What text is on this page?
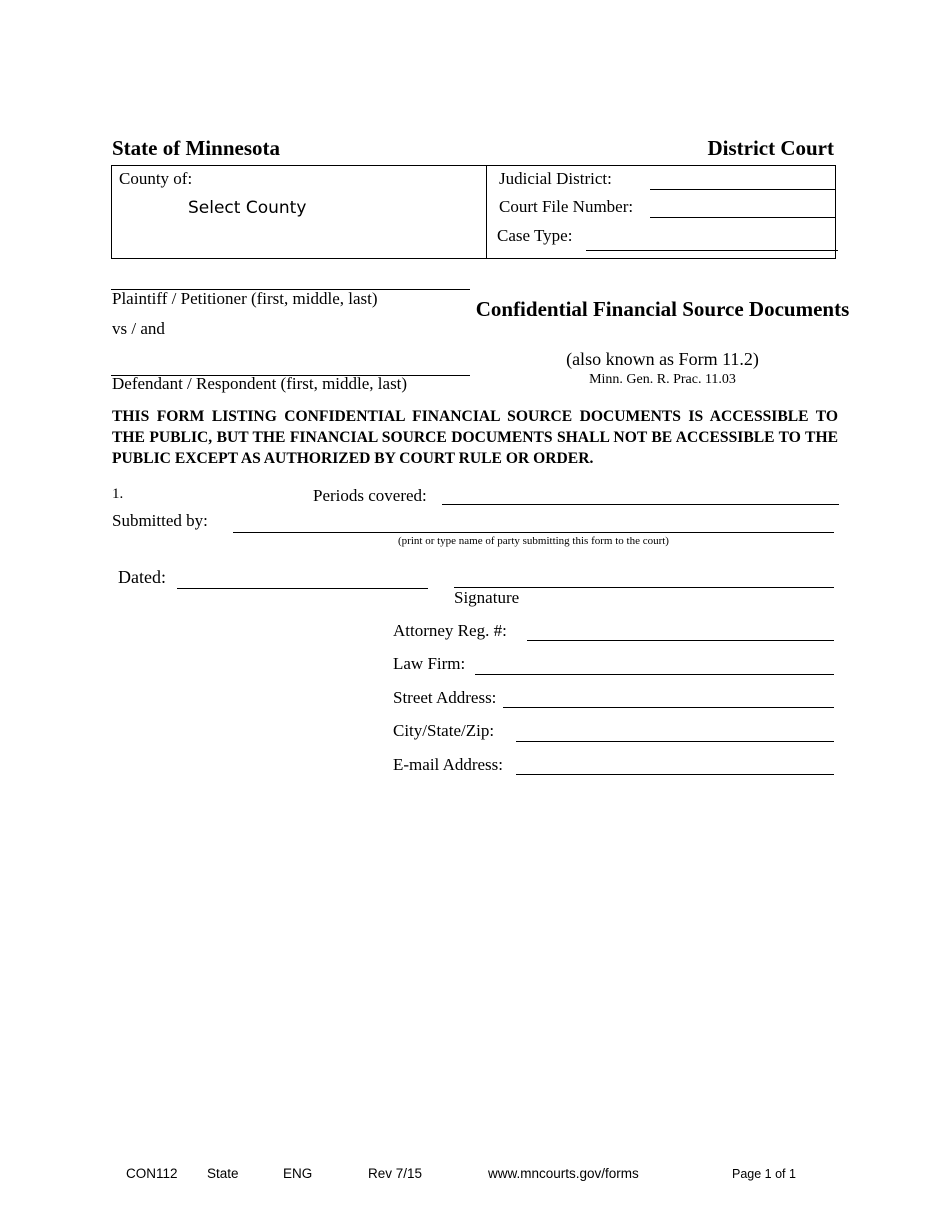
State of Minnesota	District Court
County of:
Select County
Judicial District:
Court File Number:
Case Type:
Plaintiff / Petitioner (first, middle, last)
vs / and
Defendant / Respondent (first, middle, last)
Confidential Financial Source Documents
(also known as Form 11.2)
Minn. Gen. R. Prac. 11.03
THIS FORM LISTING CONFIDENTIAL FINANCIAL SOURCE DOCUMENTS IS ACCESSIBLE TO THE PUBLIC, BUT THE FINANCIAL SOURCE DOCUMENTS SHALL NOT BE ACCESSIBLE TO THE PUBLIC EXCEPT AS AUTHORIZED BY COURT RULE OR ORDER.
1.	Periods covered:
Submitted by:
(print or type name of party submitting this form to the court)
Dated:
Signature
Attorney Reg. #:
Law Firm:
Street Address:
City/State/Zip:
E-mail Address:
CON112 State	ENG	Rev 7/15	www.mncourts.gov/forms	Page 1 of 1
